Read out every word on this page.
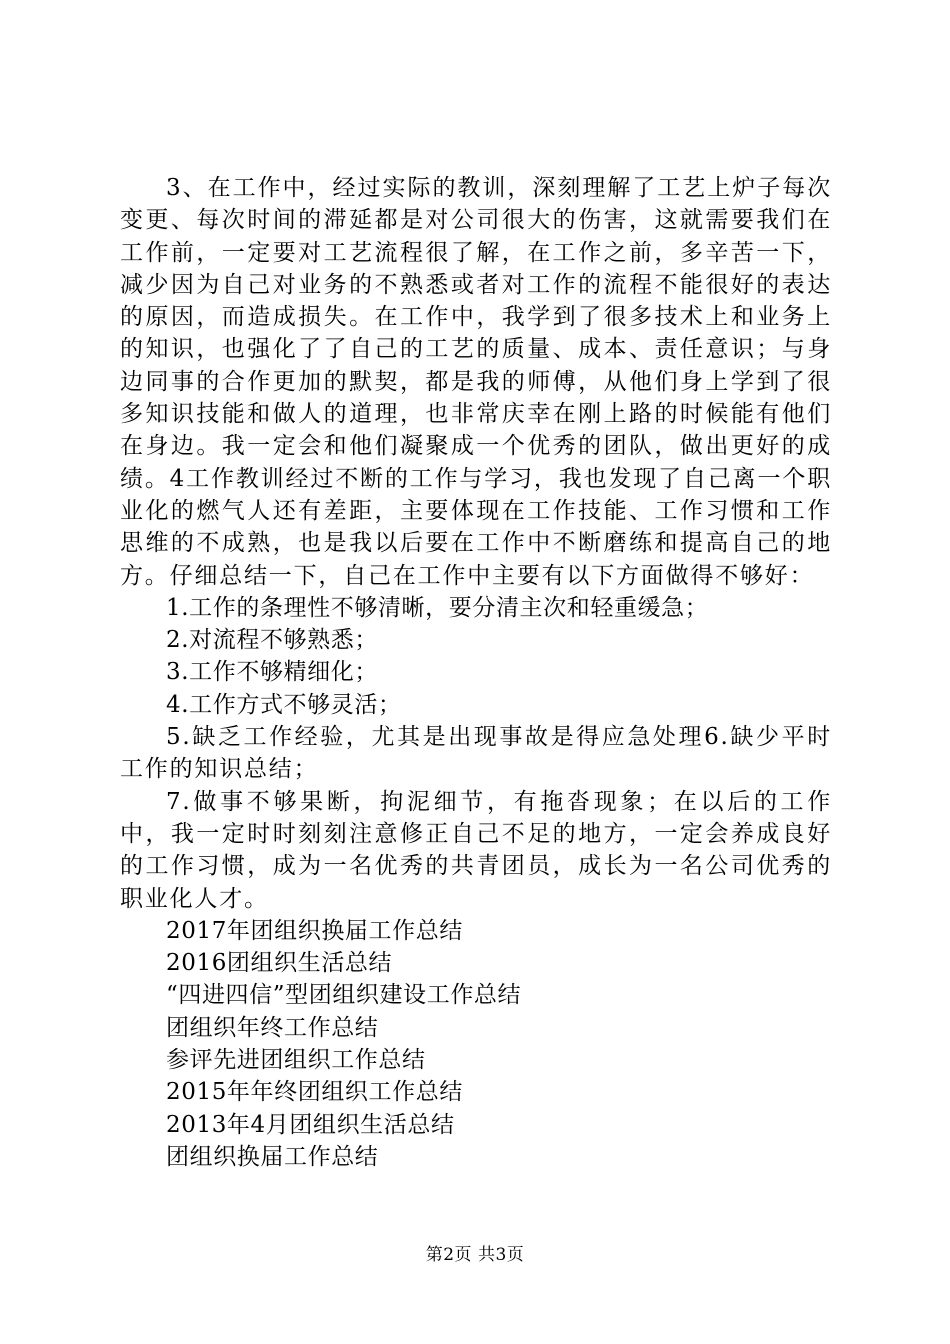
3、在工作中，经过实际的教训，深刻理解了工艺上炉子每次变更、每次时间的滞延都是对公司很大的伤害，这就需要我们在工作前，一定要对工艺流程很了解，在工作之前，多辛苦一下，减少因为自己对业务的不熟悉或者对工作的流程不能很好的表达的原因，而造成损失。在工作中，我学到了很多技术上和业务上的知识，也强化了了自己的工艺的质量、成本、责任意识；与身边同事的合作更加的默契，都是我的师傅，从他们身上学到了很多知识技能和做人的道理，也非常庆幸在刚上路的时候能有他们在身边。我一定会和他们凝聚成一个优秀的团队，做出更好的成绩。4工作教训经过不断的工作与学习，我也发现了自己离一个职业化的燃气人还有差距，主要体现在工作技能、工作习惯和工作思维的不成熟，也是我以后要在工作中不断磨练和提高自己的地方。仔细总结一下，自己在工作中主要有以下方面做得不够好：

1.工作的条理性不够清晰，要分清主次和轻重缓急；

2.对流程不够熟悉；

3.工作不够精细化；

4.工作方式不够灵活；

5.缺乏工作经验，尤其是出现事故是得应急处理6.缺少平时工作的知识总结；

7.做事不够果断，拘泥细节，有拖沓现象；在以后的工作中，我一定时时刻刻注意修正自己不足的地方，一定会养成良好的工作习惯，成为一名优秀的共青团员，成长为一名公司优秀的职业化人才。

2017年团组织换届工作总结
2016团组织生活总结
“四进四信”型团组织建设工作总结
团组织年终工作总结
参评先进团组织工作总结
2015年年终团组织工作总结
2013年4月团组织生活总结
团组织换届工作总结
第2页 共3页
